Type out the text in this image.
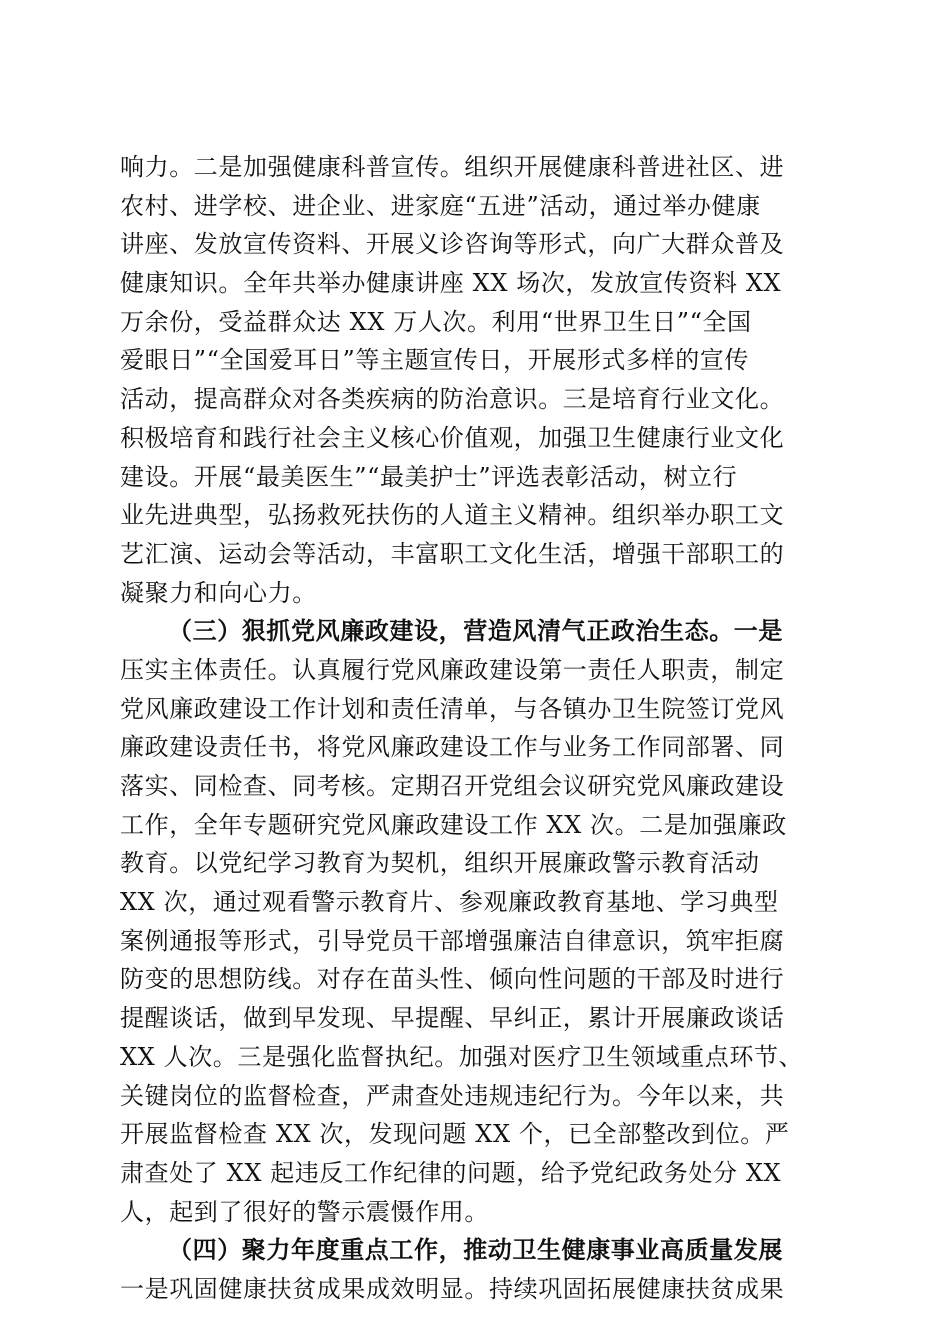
响力。二是加强健康科普宣传。组织开展健康科普进社区、进
农村、进学校、进企业、进家庭“五进”活动，通过举办健康
讲座、发放宣传资料、开展义诊咨询等形式，向广大群众普及
健康知识。全年共举办健康讲座 XX 场次，发放宣传资料 XX
万余份，受益群众达 XX 万人次。利用“世界卫生日”“全国
爱眼日”“全国爱耳日”等主题宣传日，开展形式多样的宣传
活动，提高群众对各类疾病的防治意识。三是培育行业文化。
积极培育和践行社会主义核心价值观，加强卫生健康行业文化
建设。开展“最美医生”“最美护士”评选表彰活动，树立行
业先进典型，弘扬救死扶伤的人道主义精神。组织举办职工文
艺汇演、运动会等活动，丰富职工文化生活，增强干部职工的
凝聚力和向心力。
（三）狠抓党风廉政建设，营造风清气正政治生态。一是
压实主体责任。认真履行党风廉政建设第一责任人职责，制定
党风廉政建设工作计划和责任清单，与各镇办卫生院签订党风
廉政建设责任书，将党风廉政建设工作与业务工作同部署、同
落实、同检查、同考核。定期召开党组会议研究党风廉政建设
工作，全年专题研究党风廉政建设工作 XX 次。二是加强廉政
教育。以党纪学习教育为契机，组织开展廉政警示教育活动
XX 次，通过观看警示教育片、参观廉政教育基地、学习典型
案例通报等形式，引导党员干部增强廉洁自律意识，筑牢拒腐
防变的思想防线。对存在苗头性、倾向性问题的干部及时进行
提醒谈话，做到早发现、早提醒、早纠正，累计开展廉政谈话
XX 人次。三是强化监督执纪。加强对医疗卫生领域重点环节、
关键岗位的监督检查，严肃查处违规违纪行为。今年以来，共
开展监督检查 XX 次，发现问题 XX 个，已全部整改到位。严
肃查处了 XX 起违反工作纪律的问题，给予党纪政务处分 XX
人，起到了很好的警示震慑作用。
（四）聚力年度重点工作，推动卫生健康事业高质量发展
一是巩固健康扶贫成果成效明显。持续巩固拓展健康扶贫成果
